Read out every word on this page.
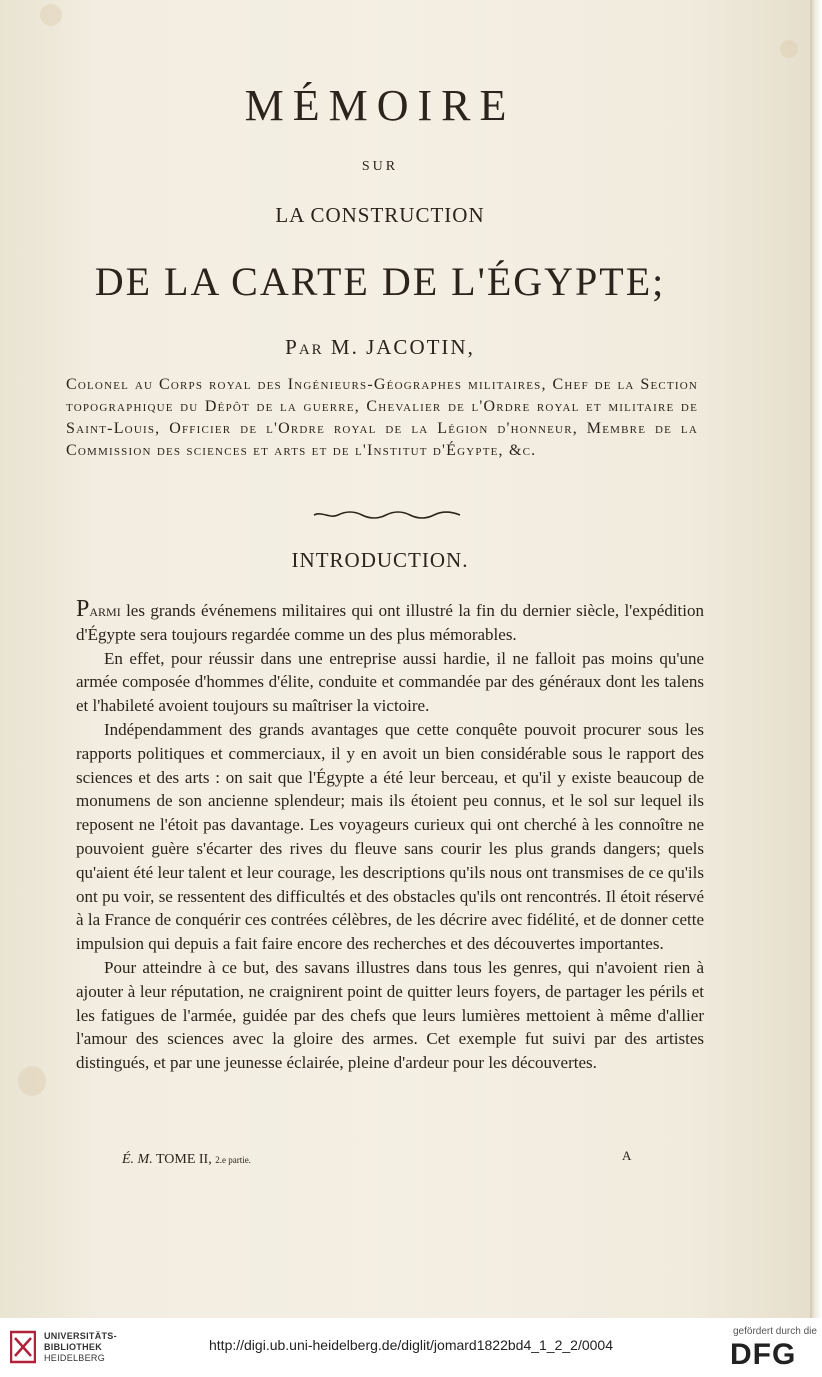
MÉMOIRE
SUR
LA CONSTRUCTION
DE LA CARTE DE L'ÉGYPTE;
Par M. JACOTIN,
Colonel au Corps royal des Ingénieurs-Géographes militaires, Chef de la Section topographique du Dépôt de la guerre, Chevalier de l'Ordre royal et militaire de Saint-Louis, Officier de l'Ordre royal de la Légion d'honneur, Membre de la Commission des sciences et arts et de l'Institut d'Égypte, &c.
INTRODUCTION.

Parmi les grands événemens militaires qui ont illustré la fin du dernier siècle, l'expédition d'Égypte sera toujours regardée comme un des plus mémorables.

En effet, pour réussir dans une entreprise aussi hardie, il ne falloit pas moins qu'une armée composée d'hommes d'élite, conduite et commandée par des généraux dont les talens et l'habileté avoient toujours su maîtriser la victoire.

Indépendamment des grands avantages que cette conquête pouvoit procurer sous les rapports politiques et commerciaux, il y en avoit un bien considérable sous le rapport des sciences et des arts : on sait que l'Égypte a été leur berceau, et qu'il y existe beaucoup de monumens de son ancienne splendeur; mais ils étoient peu connus, et le sol sur lequel ils reposent ne l'étoit pas davantage. Les voyageurs curieux qui ont cherché à les connoître ne pouvoient guère s'écarter des rives du fleuve sans courir les plus grands dangers; quels qu'aient été leur talent et leur courage, les descriptions qu'ils nous ont transmises de ce qu'ils ont pu voir, se ressentent des difficultés et des obstacles qu'ils ont rencontrés. Il étoit réservé à la France de conquérir ces contrées célèbres, de les décrire avec fidélité, et de donner cette impulsion qui depuis a fait faire encore des recherches et des découvertes importantes.

Pour atteindre à ce but, des savans illustres dans tous les genres, qui n'avoient rien à ajouter à leur réputation, ne craignirent point de quitter leurs foyers, de partager les périls et les fatigues de l'armée, guidée par des chefs que leurs lumières mettoient à même d'allier l'amour des sciences avec la gloire des armes. Cet exemple fut suivi par des artistes distingués, et par une jeunesse éclairée, pleine d'ardeur pour les découvertes.

É. M. TOME II, 2.e partie.	A
UNIVERSITÄTS-
BIBLIOTHEK
HEIDELBERG
http://digi.ub.uni-heidelberg.de/diglit/jomard1822bd4_1_2_2/0004
gefördert durch die
DFG
